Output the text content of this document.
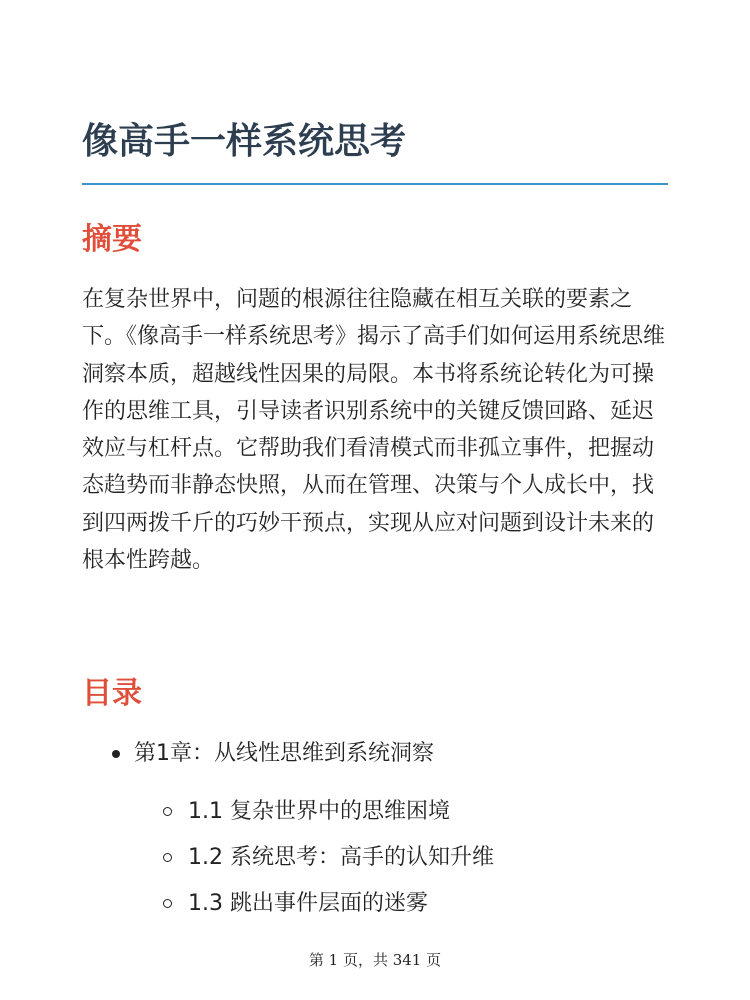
像高手一样系统思考
摘要

在复杂世界中，问题的根源往往隐藏在相互关联的要素之下。《像高手一样系统思考》揭示了高手们如何运用系统思维洞察本质，超越线性因果的局限。本书将系统论转化为可操作的思维工具，引导读者识别系统中的关键反馈回路、延迟效应与杠杆点。它帮助我们看清模式而非孤立事件，把握动态趋势而非静态快照，从而在管理、决策与个人成长中，找到四两拨千斤的巧妙干预点，实现从应对问题到设计未来的根本性跨越。

目录
第1章：从线性思维到系统洞察
1.1 复杂世界中的思维困境
1.2 系统思考：高手的认知升维
1.3 跳出事件层面的迷雾
第 1 页，共 341 页
